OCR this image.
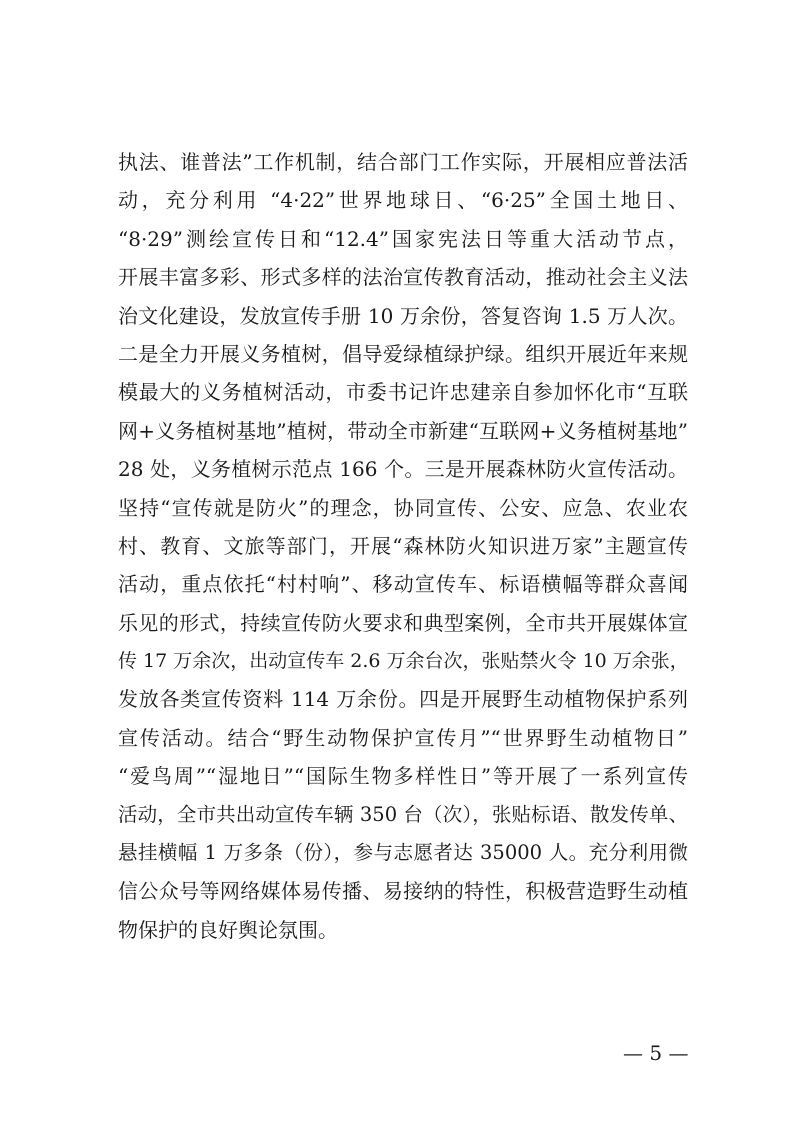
执法、谁普法”工作机制，结合部门工作实际，开展相应普法活
动，充分利用 “4·22”世界地球日、“6·25”全国土地日、
“8·29”测绘宣传日和“12.4”国家宪法日等重大活动节点，
开展丰富多彩、形式多样的法治宣传教育活动，推动社会主义法
治文化建设，发放宣传手册 10 万余份，答复咨询 1.5 万人次。
二是全力开展义务植树，倡导爱绿植绿护绿。组织开展近年来规
模最大的义务植树活动，市委书记许忠建亲自参加怀化市“互联
网+义务植树基地”植树，带动全市新建“互联网+义务植树基地”
28 处，义务植树示范点 166 个。三是开展森林防火宣传活动。
坚持“宣传就是防火”的理念，协同宣传、公安、应急、农业农
村、教育、文旅等部门，开展“森林防火知识进万家”主题宣传
活动，重点依托“村村响”、移动宣传车、标语横幅等群众喜闻
乐见的形式，持续宣传防火要求和典型案例，全市共开展媒体宣
传 17 万余次，出动宣传车 2.6 万余台次，张贴禁火令 10 万余张，
发放各类宣传资料 114 万余份。四是开展野生动植物保护系列
宣传活动。结合“野生动物保护宣传月”“世界野生动植物日”
“爱鸟周”“湿地日”“国际生物多样性日”等开展了一系列宣传
活动，全市共出动宣传车辆 350 台（次），张贴标语、散发传单、
悬挂横幅 1 万多条（份），参与志愿者达 35000 人。充分利用微
信公众号等网络媒体易传播、易接纳的特性，积极营造野生动植
物保护的良好舆论氛围。
— 5 —
